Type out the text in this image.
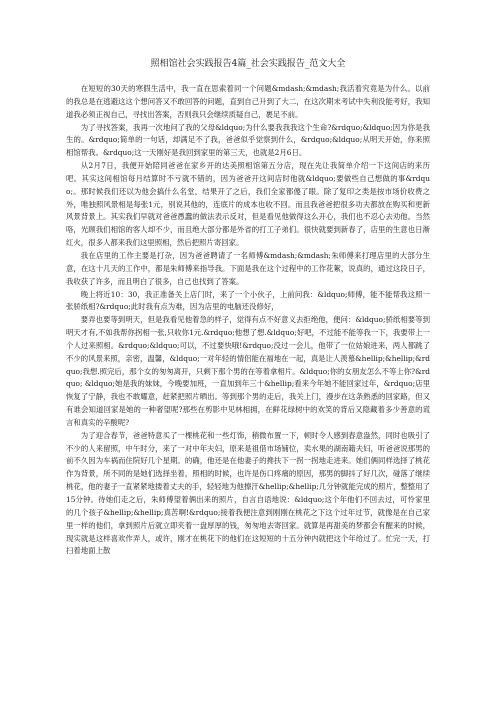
照相馆社会实践报告4篇_社会实践报告_范文大全

在短短的30天的寒假生活中，我一直在思索着同一个问题&mdash;&mdash;我活着究竟是为什么。以前的我总是在逃避这这个想问答又不敢回答的问题，直到自己升到了大二，在这次期末考试中失利没能考好，我知道我必须正视自己，寻找出答案，否则我只会继续质疑自己，裹足不前。

为了寻找答案，我再一次地问了我的父母&ldquo;为什么要我我我这个生命?&rdquo;&ldquo;因为你是我生的。&rdquo;简单的一句话，却满足不了我，爸爸似乎觉察到什么，&rdquo;&ldquo;从明天开始，你来照相馆帮我。&rdquo;这一天刚好是我回到家里的第三天，也就是2月6日。

从2月7日，我便开始陪同爸爸在家乡开的达美照相馆第五分店，现在先让我简单介绍一下这间店的来历吧。其实这间相馆每月结算时不亏就不错的，因为爸爸开这间店时他就&ldquo;要做些自己想做的事&rdquo;。那时候我们还以为他会搞什么名堂，结果开了之后，我们全家都傻了眼。除了复印之类是按市场价收费之外，唯独照风景相是每张1元，别说其他的，连底片的成本也收不回。而且我爸爸把很多功夫都放在购买和更新风景背景上。其实我们早就对爸爸愚蠢的做法表示反对，但是看见他做得这么开心，我们也不忍心去劝他。当然咯，光顾我们相馆的客人却不少，而且绝大部分都是外省的打工子弟们。很快就要到新春了，店里的生意也日渐红火，很多人都来我们这里照相，然后把照片寄回家。

我在店里的工作主要是打杂，因为爸爸聘请了一名师傅&mdash;&mdash;朱师傅来打理店里的大部分生意，在这十几天的工作中，都是朱师傅来指导我。下面是我在这个过程中的工作花絮，说真的，通过这段日子，我收获了许多，而且明白了很多，自己也找到了答案。

晚上将近10：30，我正准备关上店门时，来了一个小伙子，上前问我：&ldquo;师傅，能不能帮我这照一张骄纸相?&rdquo;此时我有点为难，因为店里的电脑还没修好，

要弄也要等到明天，但是我看见他着急的样子，觉得有点不好意义去拒绝他，便问：&ldquo;骄纸相要等到明天才有,不如我帮你拐相一张,只收你1元.&rdquo;他想了想.&ldquo;好吧，不过能不能等我一下，我要带上一个人过来照相。&rdquo;&ldquo;可以，不过要快哦!&rdquo;没过一会儿，他带了一位姑娘进来，两人都跳了不少的风景来照，亲密，温馨，&ldquo;一对年轻的情侣能在福地在一起，真是让人羡慕&hellip;&hellip;&rdquo;我想.照完后，那个女的匆匆离开，只剩下那个男的在等着拿相片。&ldquo;你的女朋友怎么不等上你?&rdquo; &ldquo;她是我的妹妹，今晚要加班，一直加到年三十&hellip;看来今年她不能回家过年，&rdquo;店里恢复了宁静，我也不敢耀意，赶紧把照片晒出。等到那个男的走后，我关上门，漫步在这条熟悉的回家路，但又有谁会知道回家是她的一种奢望呢?那些在剪影中见林相拥，在鲜花绿树中的欢笑的背后又隐藏着多少善意的谎言和真实的辛酸呢?

为了迎合春节，爸爸特意买了一棵桃花和一些灯饰，稍微布置一下，顿时令人感到春意盎然，同时也吸引了不少的人来留照，中午时分，来了一对中年夫妇，原来是祖借市场铺位，卖水果的湖南籍夫妇，听爸爸说那男的前不久因为车祸而住院好几个星期。的确，他还是在他妻子的搀扶下一拐一拐地走进来。她们俩同样选择了桃花作为背景，所不同的是她们选择坐着，照相的时候，也许是伤口疼痛的原因，那男的脚抖了好几次，碰落了继续桃花，他的妻子一直紧紧地搂着丈夫的手，轻轻地为他擦汗&hellip;&hellip;几分钟就能完成的照片，整整用了15分钟。待她们走之后，朱师傅望着俩出来的照片，自言自语地说：&ldquo;这个年他们不回去过，可怜家里的几个孩子&hellip;&hellip;真苦啊!&rdquo;接着我便注意到刚刚在桃花之下这个过年过节，就像是在自己家里一样的他们，拿到照片后就立即夹着一盘厚厚的钱，匆匆地去寄回家。就算是再甜美的梦都会有醒来的时候，现实就是这样喜欢作弄人，或许，刚才在桃花下的他们在这短短的十五分钟内就把这个年给过了。忙完一天，打扫着地面上散
